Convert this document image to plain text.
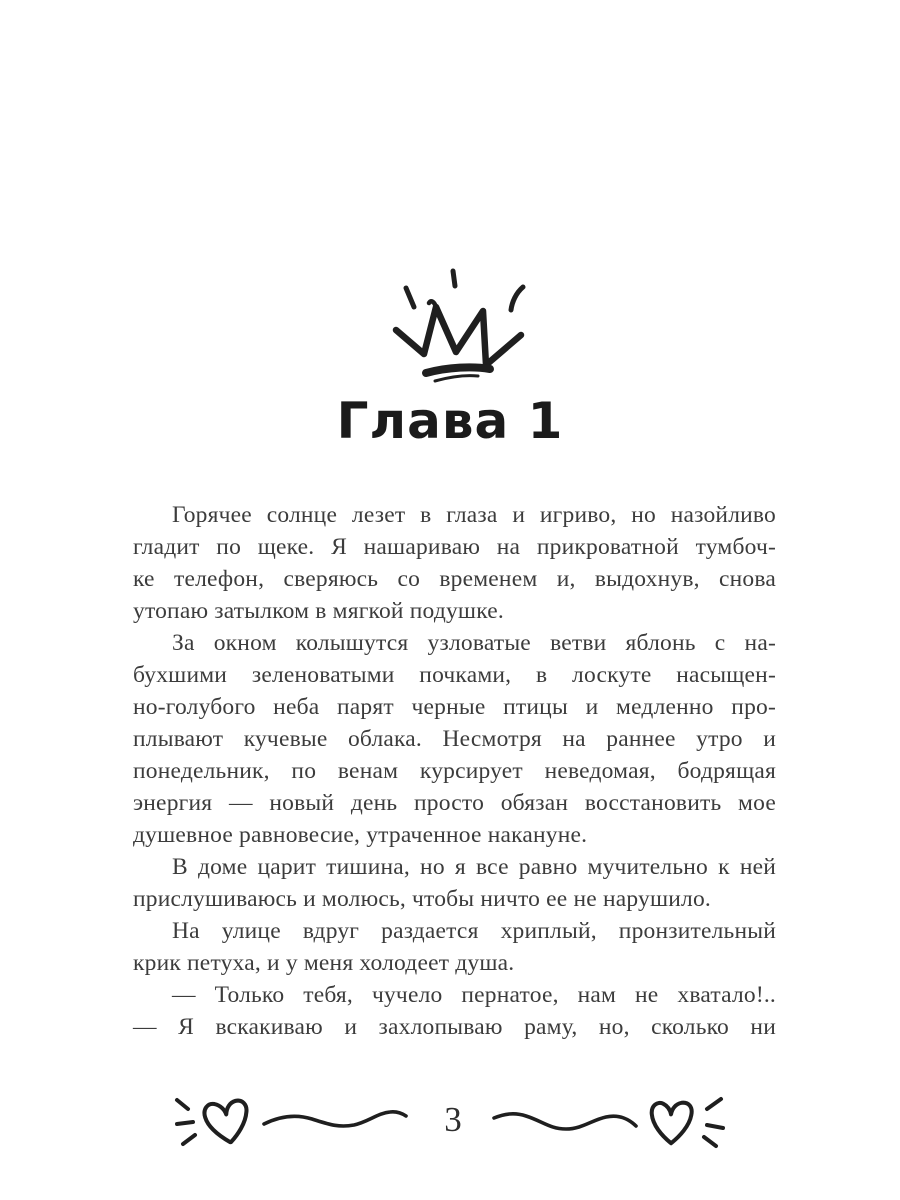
Глава 1
Горячее солнце лезет в глаза и игриво, но назойливо
гладит по щеке. Я нашариваю на прикроватной тумбоч-
ке телефон, сверяюсь со временем и, выдохнув, снова
утопаю затылком в мягкой подушке.
За окном колышутся узловатые ветви яблонь с на-
бухшими зеленоватыми почками, в лоскуте насыщен-
но-голубого неба парят черные птицы и медленно про-
плывают кучевые облака. Несмотря на раннее утро и
понедельник, по венам курсирует неведомая, бодрящая
энергия — новый день просто обязан восстановить мое
душевное равновесие, утраченное накануне.
В доме царит тишина, но я все равно мучительно к ней
прислушиваюсь и молюсь, чтобы ничто ее не нарушило.
На улице вдруг раздается хриплый, пронзительный
крик петуха, и у меня холодеет душа.
— Только тебя, чучело пернатое, нам не хватало!..
— Я вскакиваю и захлопываю раму, но, сколько ни
3
